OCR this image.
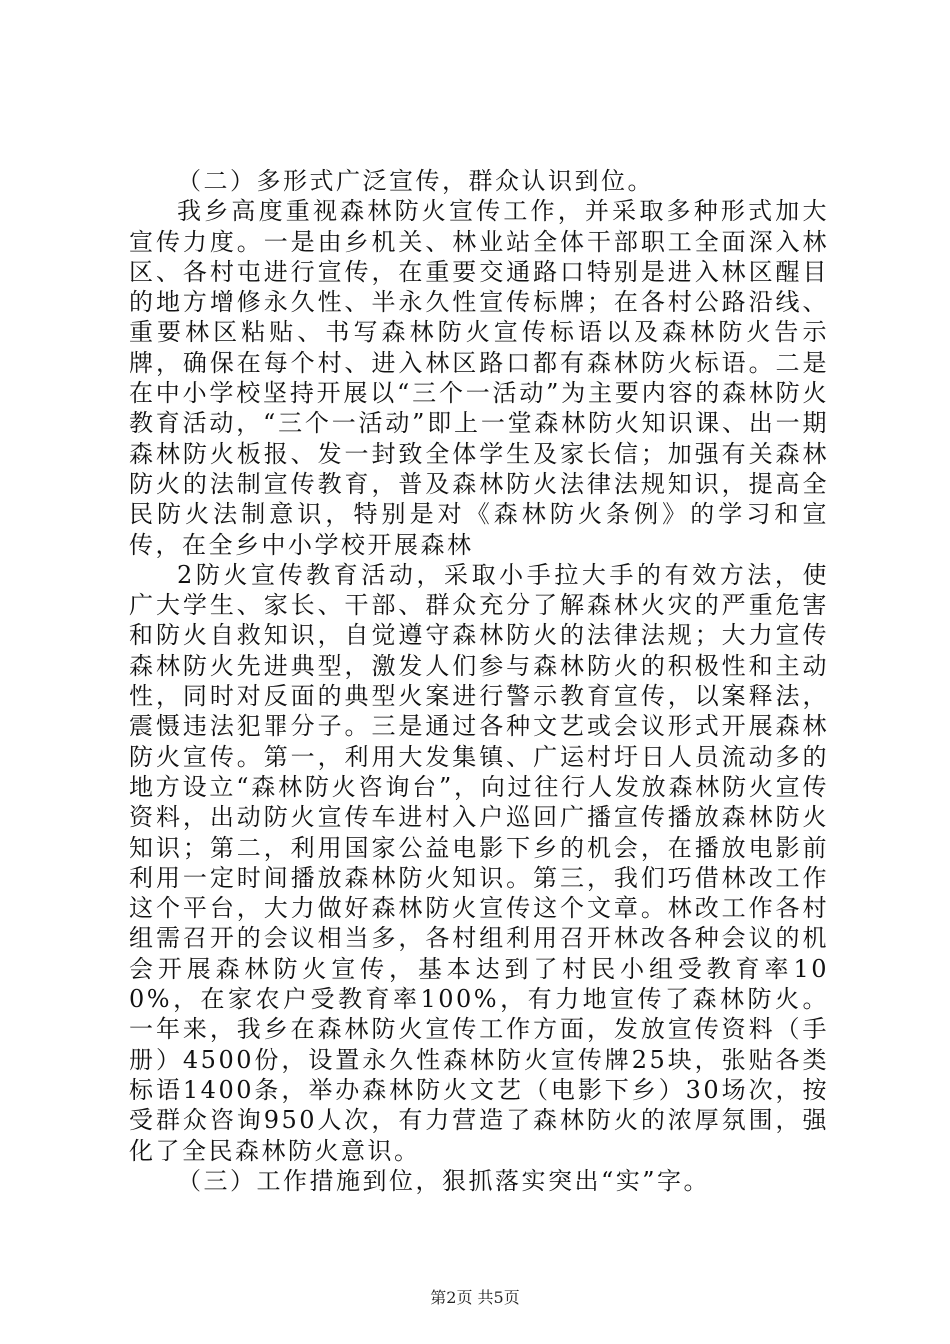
（二）多形式广泛宣传，群众认识到位。

我乡高度重视森林防火宣传工作，并采取多种形式加大宣传力度。一是由乡机关、林业站全体干部职工全面深入林区、各村屯进行宣传，在重要交通路口特别是进入林区醒目的地方增修永久性、半永久性宣传标牌；在各村公路沿线、重要林区粘贴、书写森林防火宣传标语以及森林防火告示牌，确保在每个村、进入林区路口都有森林防火标语。二是在中小学校坚持开展以“三个一活动”为主要内容的森林防火教育活动，“三个一活动”即上一堂森林防火知识课、出一期森林防火板报、发一封致全体学生及家长信；加强有关森林防火的法制宣传教育，普及森林防火法律法规知识，提高全民防火法制意识，特别是对《森林防火条例》的学习和宣传，在全乡中小学校开展森林

2防火宣传教育活动，采取小手拉大手的有效方法，使广大学生、家长、干部、群众充分了解森林火灾的严重危害和防火自救知识，自觉遵守森林防火的法律法规；大力宣传森林防火先进典型，激发人们参与森林防火的积极性和主动性，同时对反面的典型火案进行警示教育宣传，以案释法，震慑违法犯罪分子。三是通过各种文艺或会议形式开展森林防火宣传。第一，利用大发集镇、广运村圩日人员流动多的地方设立“森林防火咨询台”，向过往行人发放森林防火宣传资料，出动防火宣传车进村入户巡回广播宣传播放森林防火知识；第二，利用国家公益电影下乡的机会，在播放电影前利用一定时间播放森林防火知识。第三，我们巧借林改工作这个平台，大力做好森林防火宣传这个文章。林改工作各村组需召开的会议相当多，各村组利用召开林改各种会议的机会开展森林防火宣传，基本达到了村民小组受教育率100%，在家农户受教育率100%，有力地宣传了森林防火。一年来，我乡在森林防火宣传工作方面，发放宣传资料（手册）4500份，设置永久性森林防火宣传牌25块，张贴各类标语1400条，举办森林防火文艺（电影下乡）30场次，按受群众咨询950人次，有力营造了森林防火的浓厚氛围，强化了全民森林防火意识。

（三）工作措施到位，狠抓落实突出“实”字。

第2页 共5页
